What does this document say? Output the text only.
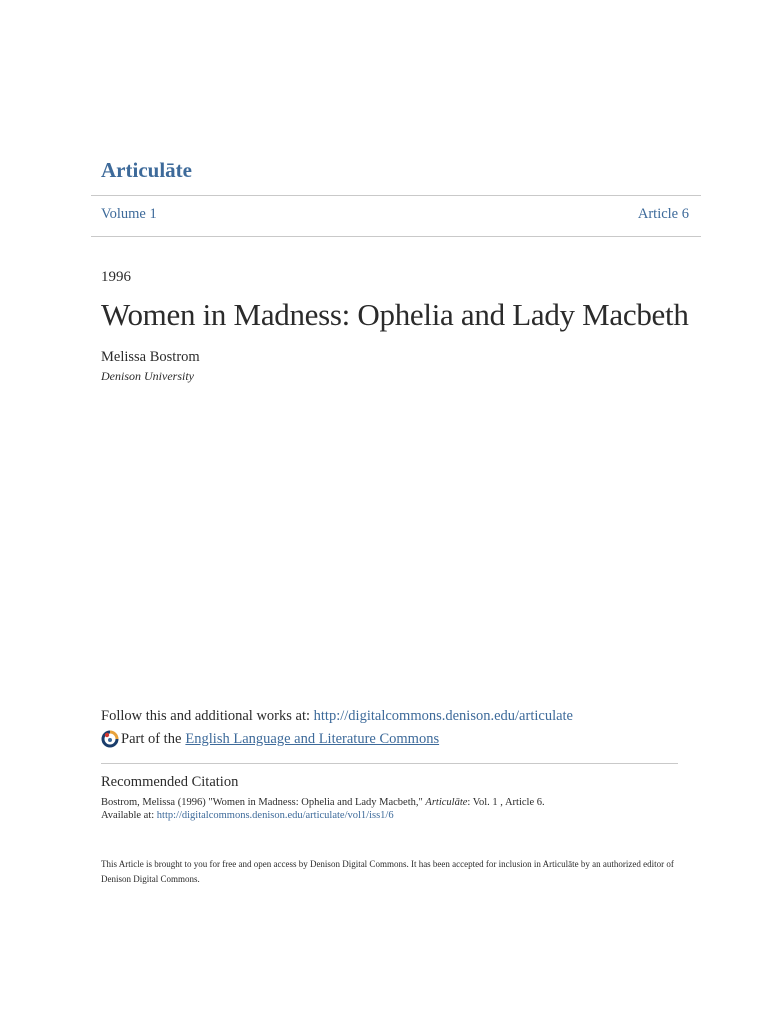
Articulāte
Volume 1	Article 6
1996
Women in Madness: Ophelia and Lady Macbeth
Melissa Bostrom
Denison University
Follow this and additional works at: http://digitalcommons.denison.edu/articulate
Part of the English Language and Literature Commons
Recommended Citation
Bostrom, Melissa (1996) "Women in Madness: Ophelia and Lady Macbeth," Articulāte: Vol. 1 , Article 6.
Available at: http://digitalcommons.denison.edu/articulate/vol1/iss1/6
This Article is brought to you for free and open access by Denison Digital Commons. It has been accepted for inclusion in Articulāte by an authorized editor of Denison Digital Commons.
